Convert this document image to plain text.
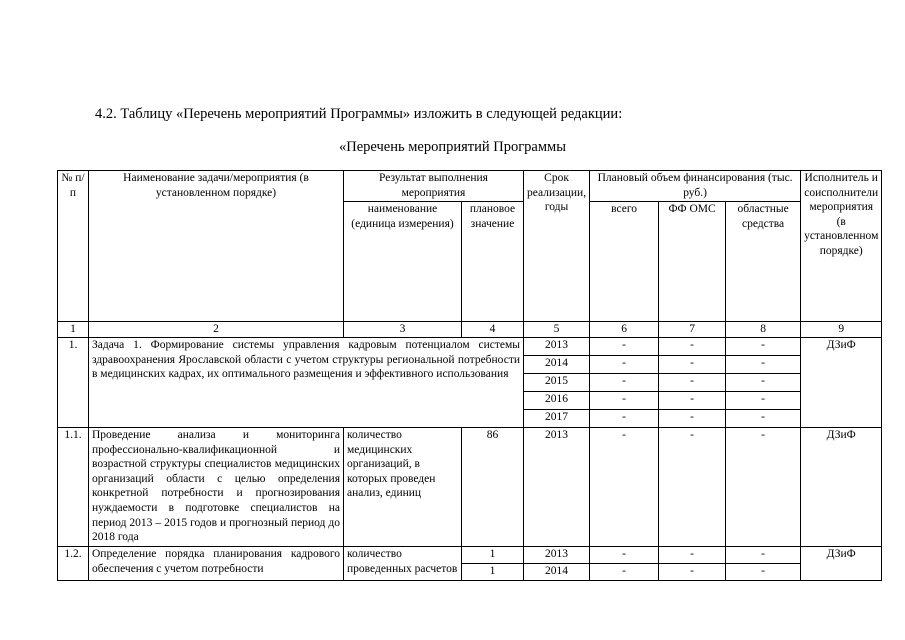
4.2. Таблицу «Перечень мероприятий Программы» изложить в следующей редакции:
«Перечень мероприятий Программы
№ п/п	Наименование задачи/мероприятия (в установленном порядке)	Результат выполнения мероприятия		Срок реализации, годы	Плановый объем финансирования (тыс. руб.)			Исполнитель и соисполнители мероприятия (в установленном порядке)
		наименование (единица измерения)	плановое значение		всего	ФФ ОМС	областные средства	
1	2	3	4	5	6	7	8	9
1.	Задача 1. Формирование системы управления кадровым потенциалом системы здравоохранения Ярославской области с учетом структуры региональной потребности в медицинских кадрах, их оптимального размещения и эффективного использования			2013	-	-	-	ДЗиФ
				2014	-	-	-	
				2015	-	-	-	
				2016	-	-	-	
				2017	-	-	-	
1.1.	Проведение анализа и мониторинга профессионально-квалификационной и возрастной структуры специалистов медицинских организаций области с целью определения конкретной потребности и прогнозирования нуждаемости в подготовке специалистов на период 2013 – 2015 годов и прогнозный период до 2018 года	количество медицинских организаций, в которых проведен анализ, единиц	86	2013	-	-	-	ДЗиФ
1.2.	Определение порядка планирования кадрового обеспечения с учетом потребности	количество проведенных расчетов	1	2013	-	-	-	ДЗиФ
			1	2014	-	-	-	
